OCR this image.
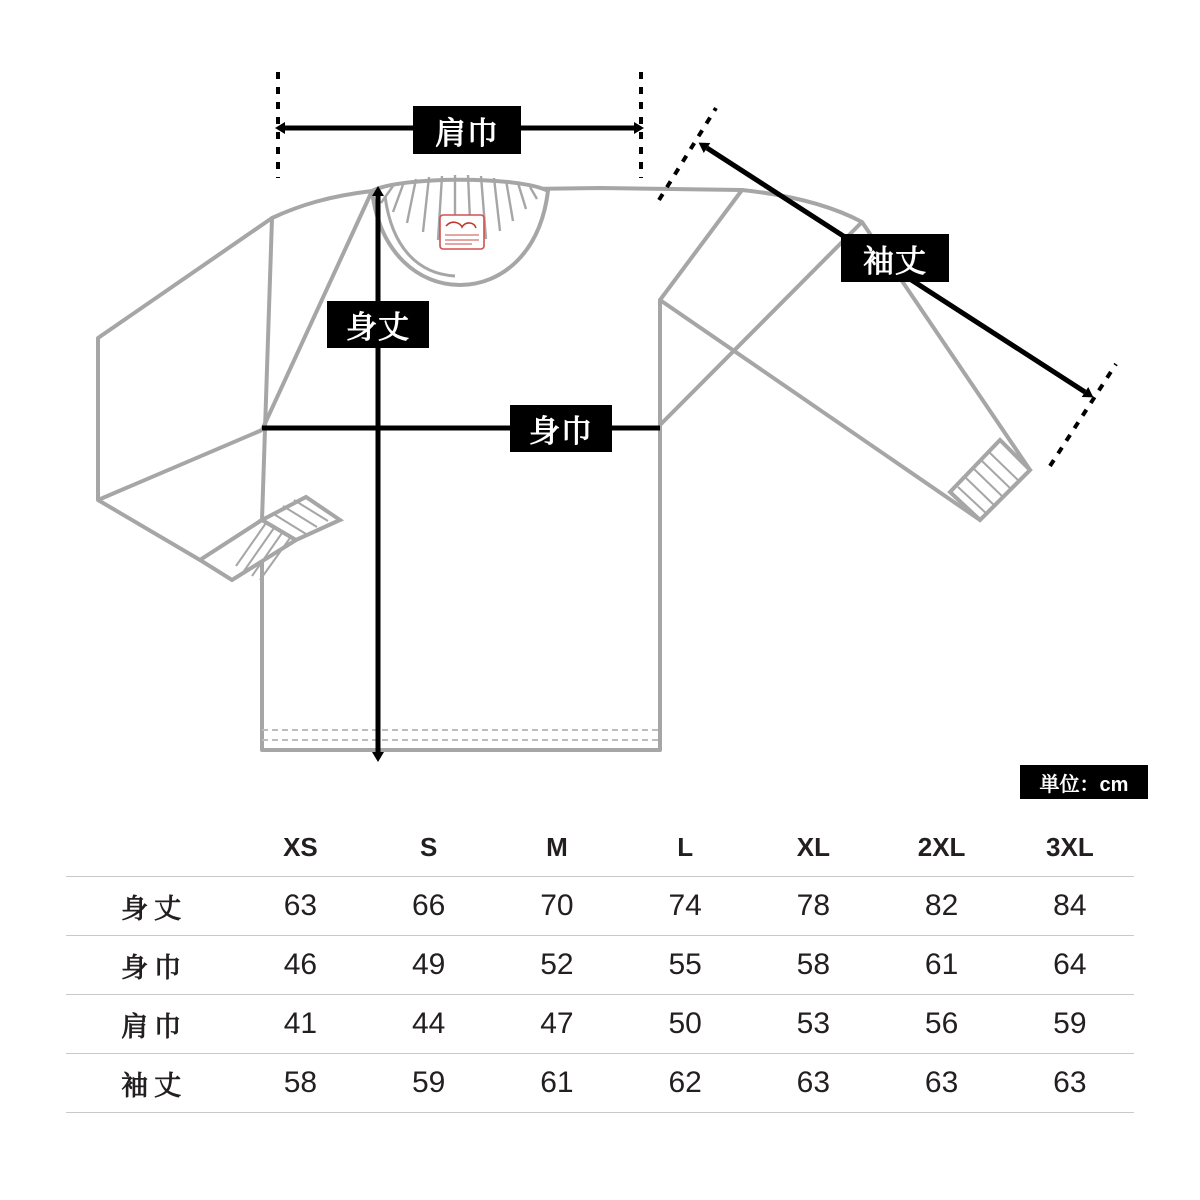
肩巾
袖丈
身丈
身巾
単位：cm
	XS	S	M	L	XL	2XL	3XL
身丈	63	66	70	74	78	82	84
身巾	46	49	52	55	58	61	64
肩巾	41	44	47	50	53	56	59
袖丈	58	59	61	62	63	63	63
